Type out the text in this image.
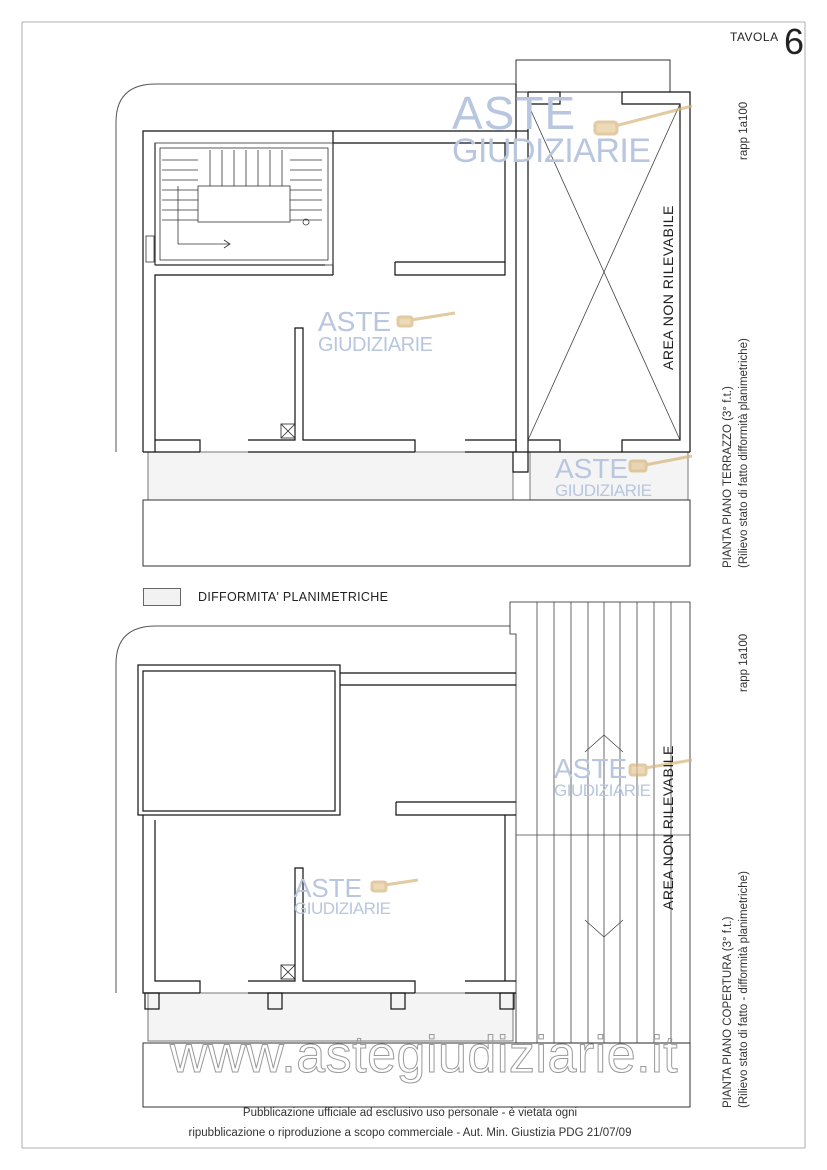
TAVOLA 6
ASTE
GIUDIZIARIE
ASTE
GIUDIZIARIE
ASTE
GIUDIZIARIE
ASTE
GIUDIZIARIE
ASTE
GIUDIZIARIE
AREA NON RILEVABILE
AREA NON RILEVABILE
rapp 1a100
PIANTA PIANO TERRAZZO (3° f.t.) (Rilievo stato di fatto difformità planimetriche)
rapp 1a100
PIANTA PIANO COPERTURA (3° f.t.) (Rilievo stato di fatto - difformità planimetriche)
DIFFORMITA' PLANIMETRICHE
www.astegiudiziarie.it
Pubblicazione ufficiale ad esclusivo uso personale - è vietata ogni
ripubblicazione o riproduzione a scopo commerciale - Aut. Min. Giustizia PDG 21/07/09
